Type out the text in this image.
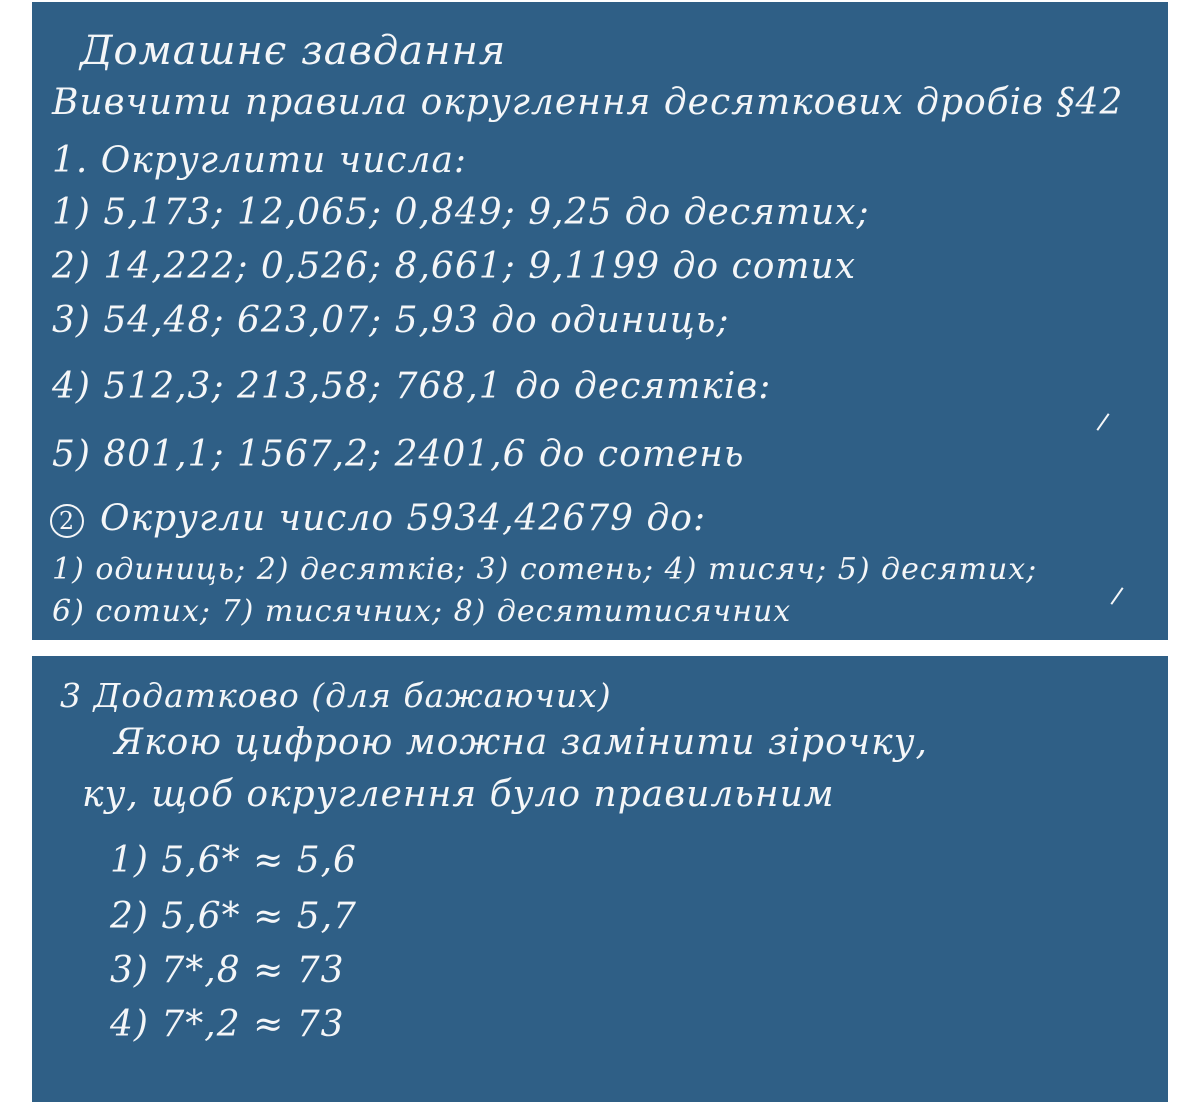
Домашнє завдання
Вивчити правила округлення десяткових дробів §42
1. Округлити числа:
1) 5,173; 12,065; 0,849; 9,25 до десятих;
2) 14,222; 0,526; 8,661; 9,1199 до сотих
3) 54,48; 623,07; 5,93 до одиниць;
4) 512,3; 213,58; 768,1 до десятків:
5) 801,1; 1567,2; 2401,6 до сотень
2 Округли число 5934,42679 до:
1) одиниць; 2) десятків; 3) сотень; 4) тисяч; 5) десятих;
6) сотих; 7) тисячних; 8) десятитисячних
3 Додатково (для бажаючих)
Якою цифрою можна замінити зірочку,
ку, щоб округлення було правильним
1) 5,6* ≈ 5,6
2) 5,6* ≈ 5,7
3) 7*,8 ≈ 73
4) 7*,2 ≈ 73
